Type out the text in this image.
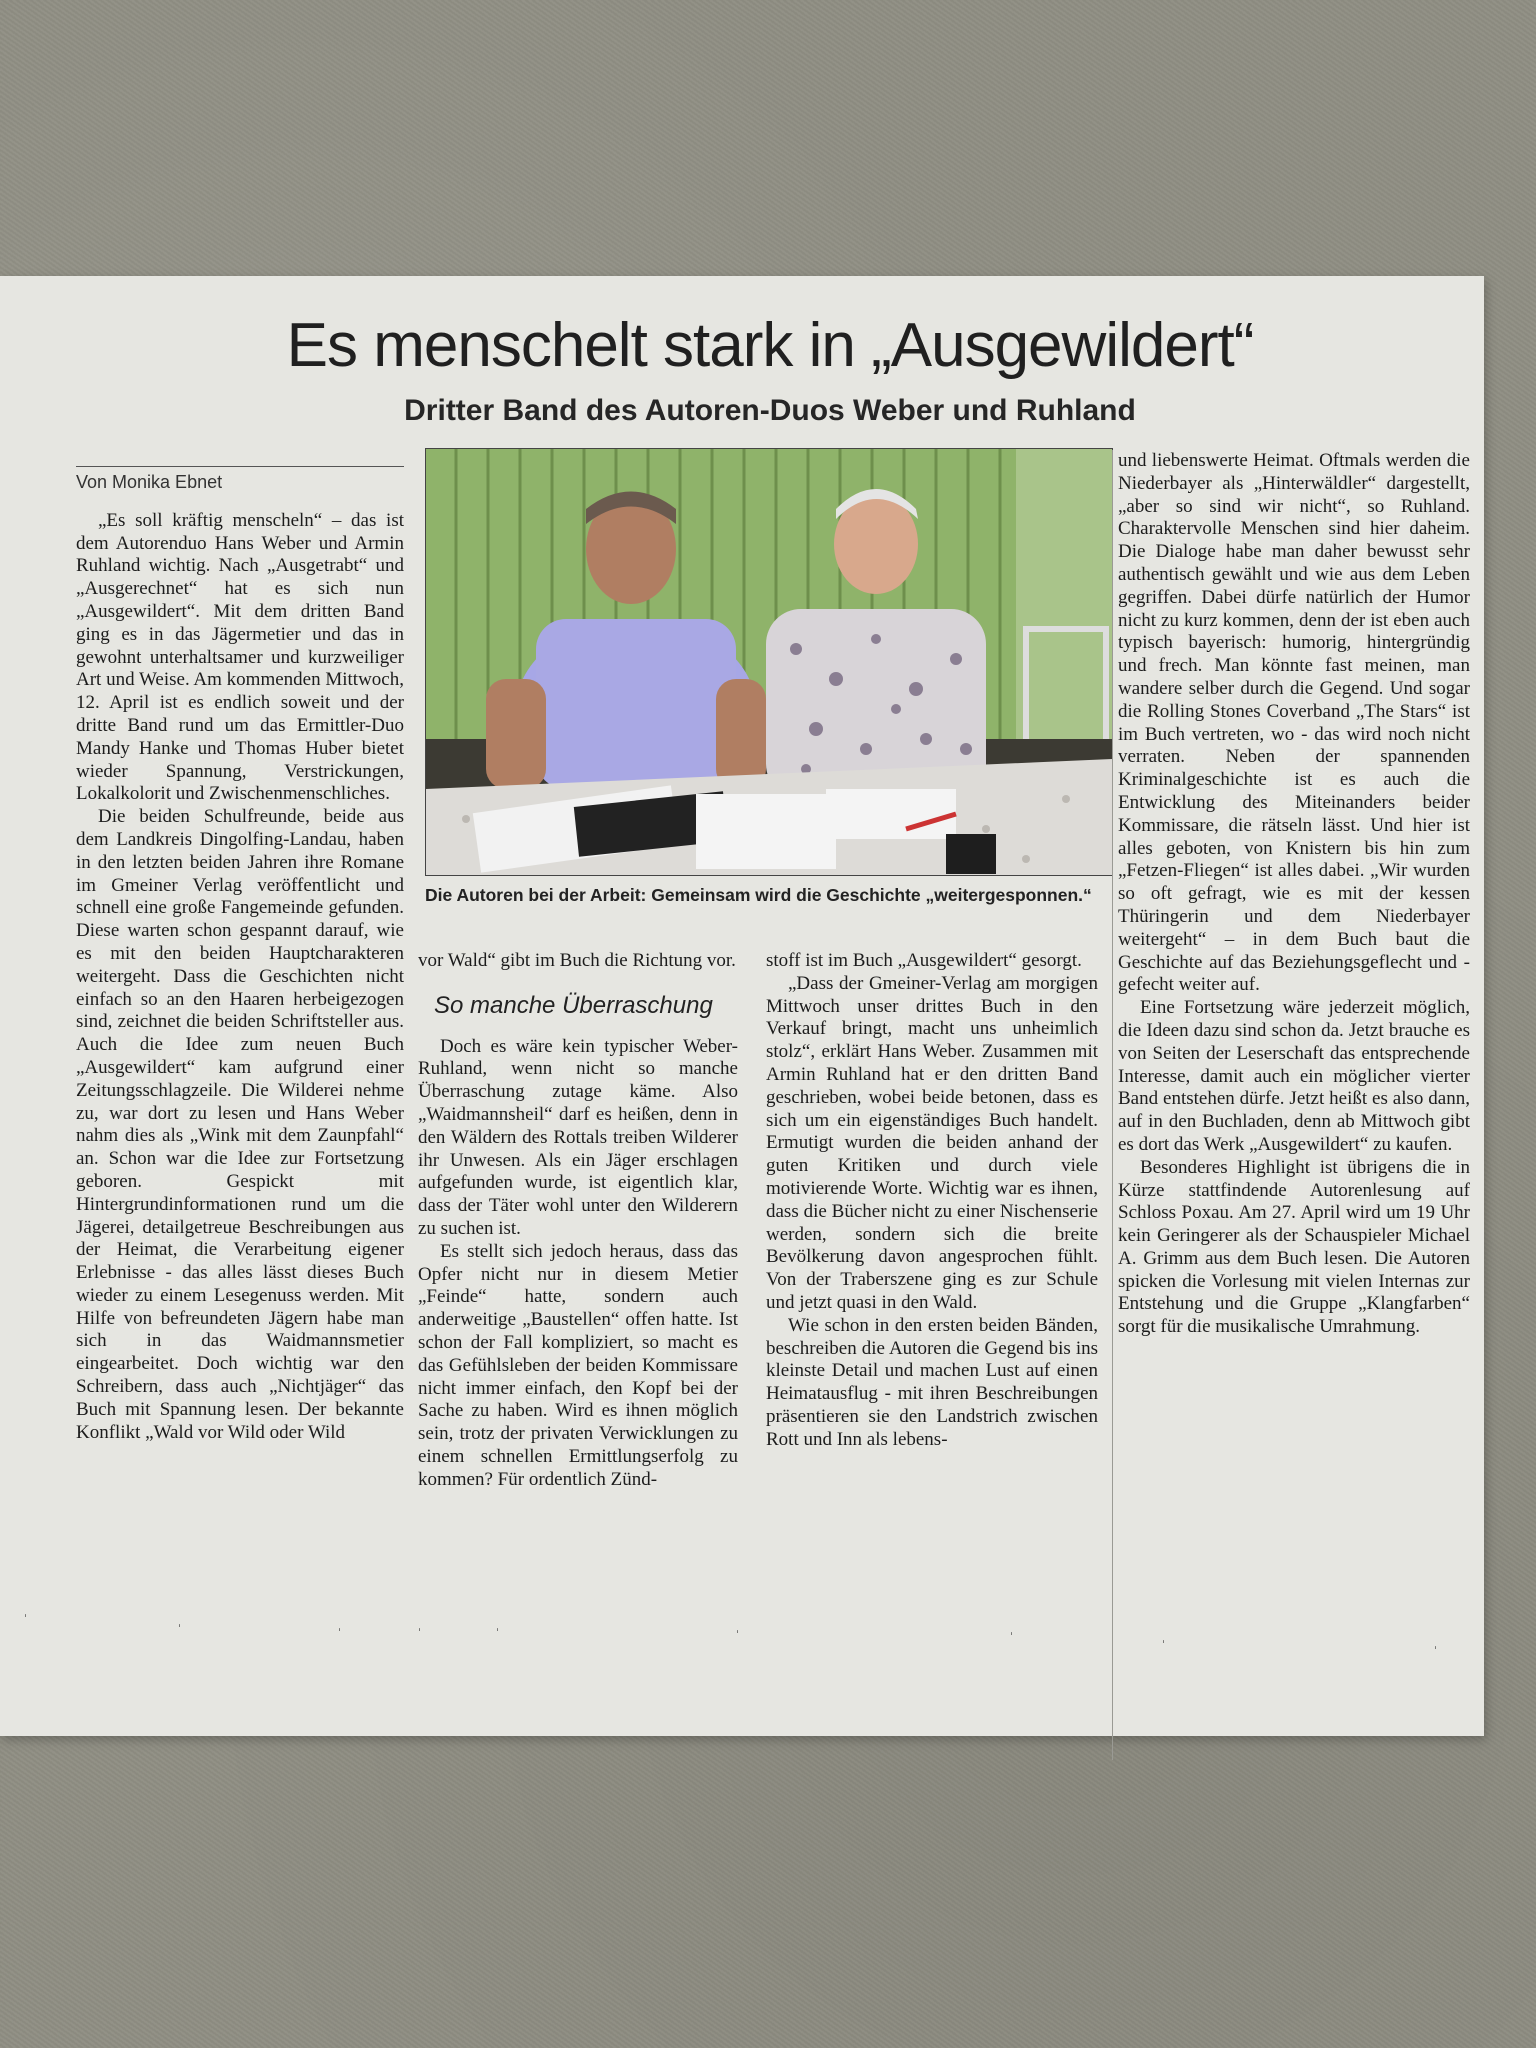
Es menschelt stark in „Ausgewildert“
Dritter Band des Autoren-Duos Weber und Ruhland
Von Monika Ebnet

„Es soll kräftig menscheln“ – das ist dem Autorenduo Hans Weber und Armin Ruhland wichtig. Nach „Ausgetrabt“ und „Ausgerechnet“ hat es sich nun „Ausgewildert“. Mit dem dritten Band ging es in das Jägermetier und das in gewohnt unterhaltsamer und kurzweiliger Art und Weise. Am kommenden Mittwoch, 12. April ist es endlich soweit und der dritte Band rund um das Ermittler-Duo Mandy Hanke und Thomas Huber bietet wieder Spannung, Verstrickungen, Lokalkolorit und Zwischenmenschliches.

Die beiden Schulfreunde, beide aus dem Landkreis Dingolfing-Landau, haben in den letzten beiden Jahren ihre Romane im Gmeiner Verlag veröffentlicht und schnell eine große Fangemeinde gefunden. Diese warten schon gespannt darauf, wie es mit den beiden Hauptcharakteren weitergeht. Dass die Geschichten nicht einfach so an den Haaren herbeigezogen sind, zeichnet die beiden Schriftsteller aus. Auch die Idee zum neuen Buch „Ausgewildert“ kam aufgrund einer Zeitungsschlagzeile. Die Wilderei nehme zu, war dort zu lesen und Hans Weber nahm dies als „Wink mit dem Zaunpfahl“ an. Schon war die Idee zur Fortsetzung geboren. Gespickt mit Hintergrundinformationen rund um die Jägerei, detailgetreue Beschreibungen aus der Heimat, die Verarbeitung eigener Erlebnisse - das alles lässt dieses Buch wieder zu einem Lesegenuss werden. Mit Hilfe von befreundeten Jägern habe man sich in das Waidmannsmetier eingearbeitet. Doch wichtig war den Schreibern, dass auch „Nichtjäger“ das Buch mit Spannung lesen. Der bekannte Konflikt „Wald vor Wild oder Wild

Die Autoren bei der Arbeit: Gemeinsam wird die Geschichte „weitergesponnen.“

vor Wald“ gibt im Buch die Richtung vor.

So manche Überraschung

Doch es wäre kein typischer Weber-Ruhland, wenn nicht so manche Überraschung zutage käme. Also „Waidmannsheil“ darf es heißen, denn in den Wäldern des Rottals treiben Wilderer ihr Unwesen. Als ein Jäger erschlagen aufgefunden wurde, ist eigentlich klar, dass der Täter wohl unter den Wilderern zu suchen ist.

Es stellt sich jedoch heraus, dass das Opfer nicht nur in diesem Metier „Feinde“ hatte, sondern auch anderweitige „Baustellen“ offen hatte. Ist schon der Fall kompliziert, so macht es das Gefühlsleben der beiden Kommissare nicht immer einfach, den Kopf bei der Sache zu haben. Wird es ihnen möglich sein, trotz der privaten Verwicklungen zu einem schnellen Ermittlungserfolg zu kommen? Für ordentlich Zünd-

stoff ist im Buch „Ausgewildert“ gesorgt.

„Dass der Gmeiner-Verlag am morgigen Mittwoch unser drittes Buch in den Verkauf bringt, macht uns unheimlich stolz“, erklärt Hans Weber. Zusammen mit Armin Ruhland hat er den dritten Band geschrieben, wobei beide betonen, dass es sich um ein eigenständiges Buch handelt. Ermutigt wurden die beiden anhand der guten Kritiken und durch viele motivierende Worte. Wichtig war es ihnen, dass die Bücher nicht zu einer Nischenserie werden, sondern sich die breite Bevölkerung davon angesprochen fühlt. Von der Traberszene ging es zur Schule und jetzt quasi in den Wald.

Wie schon in den ersten beiden Bänden, beschreiben die Autoren die Gegend bis ins kleinste Detail und machen Lust auf einen Heimatausflug - mit ihren Beschreibungen präsentieren sie den Landstrich zwischen Rott und Inn als lebens-

und liebenswerte Heimat. Oftmals werden die Niederbayer als „Hinterwäldler“ dargestellt, „aber so sind wir nicht“, so Ruhland. Charaktervolle Menschen sind hier daheim. Die Dialoge habe man daher bewusst sehr authentisch gewählt und wie aus dem Leben gegriffen. Dabei dürfe natürlich der Humor nicht zu kurz kommen, denn der ist eben auch typisch bayerisch: humorig, hintergründig und frech. Man könnte fast meinen, man wandere selber durch die Gegend. Und sogar die Rolling Stones Coverband „The Stars“ ist im Buch vertreten, wo - das wird noch nicht verraten. Neben der spannenden Kriminalgeschichte ist es auch die Entwicklung des Miteinanders beider Kommissare, die rätseln lässt. Und hier ist alles geboten, von Knistern bis hin zum „Fetzen-Fliegen“ ist alles dabei. „Wir wurden so oft gefragt, wie es mit der kessen Thüringerin und dem Niederbayer weitergeht“ – in dem Buch baut die Geschichte auf das Beziehungsgeflecht und -gefecht weiter auf.

Eine Fortsetzung wäre jederzeit möglich, die Ideen dazu sind schon da. Jetzt brauche es von Seiten der Leserschaft das entsprechende Interesse, damit auch ein möglicher vierter Band entstehen dürfe. Jetzt heißt es also dann, auf in den Buchladen, denn ab Mittwoch gibt es dort das Werk „Ausgewildert“ zu kaufen.

Besonderes Highlight ist übrigens die in Kürze stattfindende Autorenlesung auf Schloss Poxau. Am 27. April wird um 19 Uhr kein Geringerer als der Schauspieler Michael A. Grimm aus dem Buch lesen. Die Autoren spicken die Vorlesung mit vielen Internas zur Entstehung und die Gruppe „Klangfarben“ sorgt für die musikalische Umrahmung.

ˈ
ˈ	ˈ	ˈ	ˈ	ˈ	ˈ
ˈ	ˈ
